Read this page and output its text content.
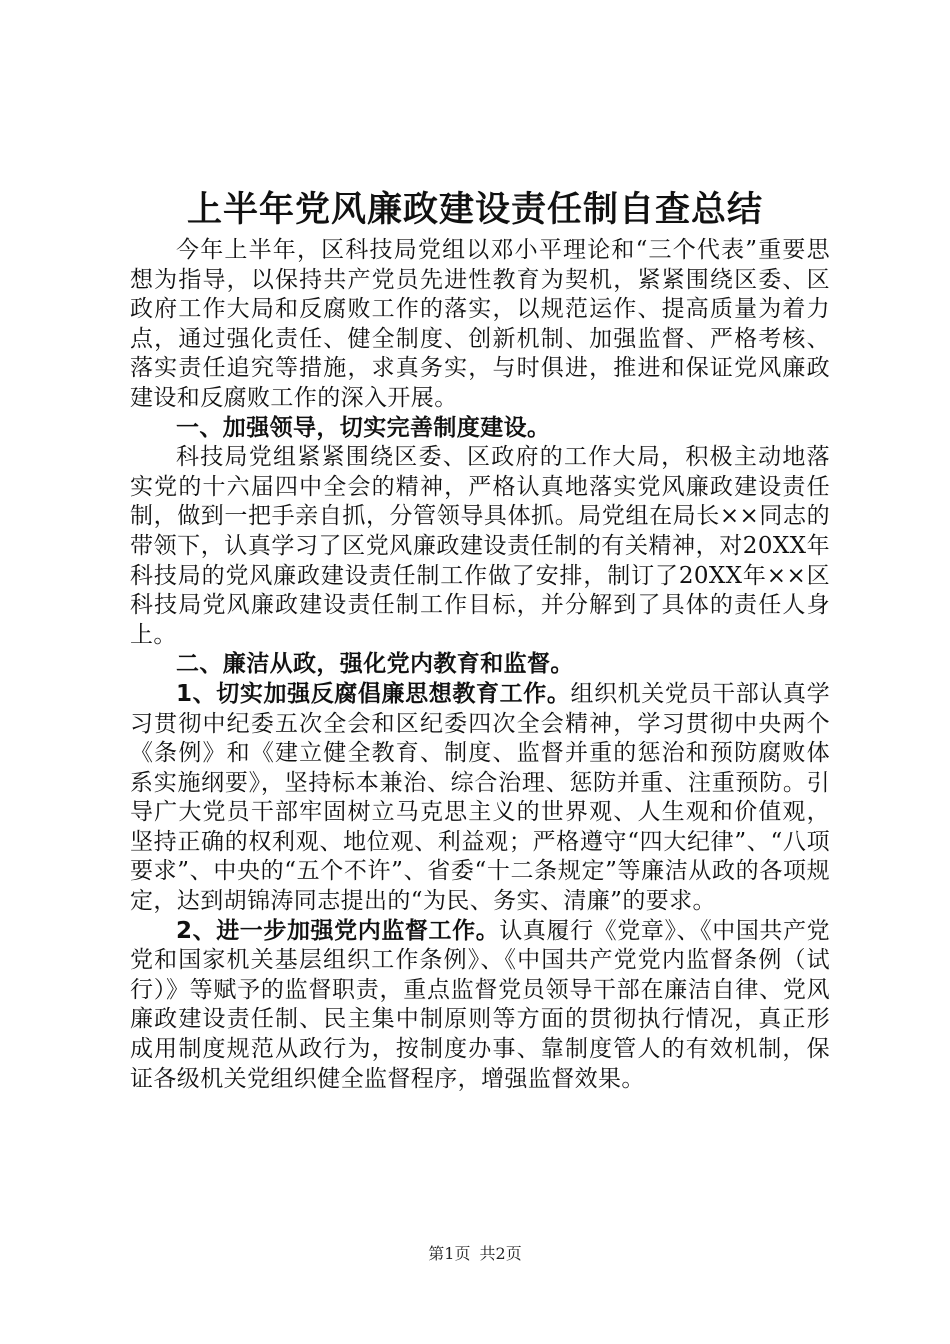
上半年党风廉政建设责任制自查总结

今年上半年，区科技局党组以邓小平理论和“三个代表”重要思想为指导，以保持共产党员先进性教育为契机，紧紧围绕区委、区政府工作大局和反腐败工作的落实，以规范运作、提高质量为着力点，通过强化责任、健全制度、创新机制、加强监督、严格考核、落实责任追究等措施，求真务实，与时俱进，推进和保证党风廉政建设和反腐败工作的深入开展。

一、加强领导，切实完善制度建设。

科技局党组紧紧围绕区委、区政府的工作大局，积极主动地落实党的十六届四中全会的精神，严格认真地落实党风廉政建设责任制，做到一把手亲自抓，分管领导具体抓。局党组在局长××同志的带领下，认真学习了区党风廉政建设责任制的有关精神，对20XX年科技局的党风廉政建设责任制工作做了安排，制订了20XX年××区科技局党风廉政建设责任制工作目标，并分解到了具体的责任人身上。

二、廉洁从政，强化党内教育和监督。

1、切实加强反腐倡廉思想教育工作。组织机关党员干部认真学习贯彻中纪委五次全会和区纪委四次全会精神，学习贯彻中央两个《条例》和《建立健全教育、制度、监督并重的惩治和预防腐败体系实施纲要》，坚持标本兼治、综合治理、惩防并重、注重预防。引导广大党员干部牢固树立马克思主义的世界观、人生观和价值观，坚持正确的权利观、地位观、利益观；严格遵守“四大纪律”、“八项要求”、中央的“五个不许”、省委“十二条规定”等廉洁从政的各项规定，达到胡锦涛同志提出的“为民、务实、清廉”的要求。

2、进一步加强党内监督工作。认真履行《党章》、《中国共产党党和国家机关基层组织工作条例》、《中国共产党党内监督条例（试行）》等赋予的监督职责，重点监督党员领导干部在廉洁自律、党风廉政建设责任制、民主集中制原则等方面的贯彻执行情况，真正形成用制度规范从政行为，按制度办事、靠制度管人的有效机制，保证各级机关党组织健全监督程序，增强监督效果。

第1页 共2页
